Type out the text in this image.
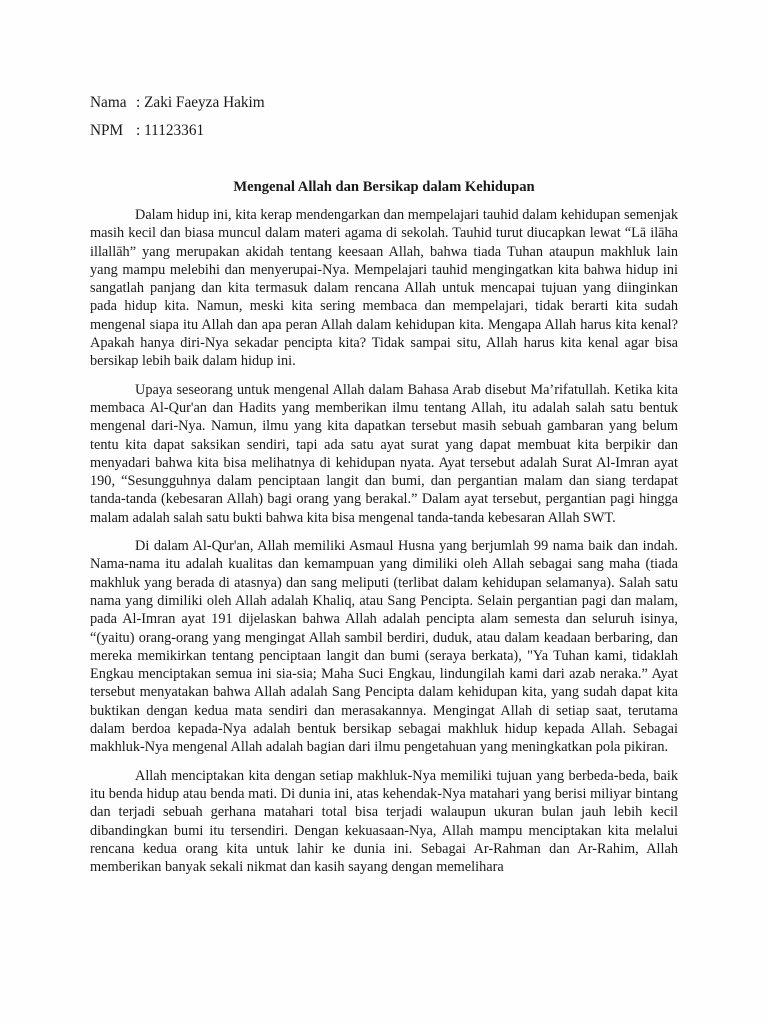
Nama : Zaki Faeyza Hakim
NPM : 11123361
Mengenal Allah dan Bersikap dalam Kehidupan

Dalam hidup ini, kita kerap mendengarkan dan mempelajari tauhid dalam kehidupan semenjak masih kecil dan biasa muncul dalam materi agama di sekolah. Tauhid turut diucapkan lewat “Lā ilāha illallāh” yang merupakan akidah tentang keesaan Allah, bahwa tiada Tuhan ataupun makhluk lain yang mampu melebihi dan menyerupai-Nya. Mempelajari tauhid mengingatkan kita bahwa hidup ini sangatlah panjang dan kita termasuk dalam rencana Allah untuk mencapai tujuan yang diinginkan pada hidup kita. Namun, meski kita sering membaca dan mempelajari, tidak berarti kita sudah mengenal siapa itu Allah dan apa peran Allah dalam kehidupan kita. Mengapa Allah harus kita kenal? Apakah hanya diri-Nya sekadar pencipta kita? Tidak sampai situ, Allah harus kita kenal agar bisa bersikap lebih baik dalam hidup ini.

Upaya seseorang untuk mengenal Allah dalam Bahasa Arab disebut Ma’rifatullah. Ketika kita membaca Al-Qur'an dan Hadits yang memberikan ilmu tentang Allah, itu adalah salah satu bentuk mengenal dari-Nya. Namun, ilmu yang kita dapatkan tersebut masih sebuah gambaran yang belum tentu kita dapat saksikan sendiri, tapi ada satu ayat surat yang dapat membuat kita berpikir dan menyadari bahwa kita bisa melihatnya di kehidupan nyata. Ayat tersebut adalah Surat Al-Imran ayat 190, “Sesungguhnya dalam penciptaan langit dan bumi, dan pergantian malam dan siang terdapat tanda-tanda (kebesaran Allah) bagi orang yang berakal.” Dalam ayat tersebut, pergantian pagi hingga malam adalah salah satu bukti bahwa kita bisa mengenal tanda-tanda kebesaran Allah SWT.

Di dalam Al-Qur'an, Allah memiliki Asmaul Husna yang berjumlah 99 nama baik dan indah. Nama-nama itu adalah kualitas dan kemampuan yang dimiliki oleh Allah sebagai sang maha (tiada makhluk yang berada di atasnya) dan sang meliputi (terlibat dalam kehidupan selamanya). Salah satu nama yang dimiliki oleh Allah adalah Khaliq, atau Sang Pencipta. Selain pergantian pagi dan malam, pada Al-Imran ayat 191 dijelaskan bahwa Allah adalah pencipta alam semesta dan seluruh isinya, “(yaitu) orang-orang yang mengingat Allah sambil berdiri, duduk, atau dalam keadaan berbaring, dan mereka memikirkan tentang penciptaan langit dan bumi (seraya berkata), "Ya Tuhan kami, tidaklah Engkau menciptakan semua ini sia-sia; Maha Suci Engkau, lindungilah kami dari azab neraka.” Ayat tersebut menyatakan bahwa Allah adalah Sang Pencipta dalam kehidupan kita, yang sudah dapat kita buktikan dengan kedua mata sendiri dan merasakannya. Mengingat Allah di setiap saat, terutama dalam berdoa kepada-Nya adalah bentuk bersikap sebagai makhluk hidup kepada Allah. Sebagai makhluk-Nya mengenal Allah adalah bagian dari ilmu pengetahuan yang meningkatkan pola pikiran.

Allah menciptakan kita dengan setiap makhluk-Nya memiliki tujuan yang berbeda-beda, baik itu benda hidup atau benda mati. Di dunia ini, atas kehendak-Nya matahari yang berisi miliyar bintang dan terjadi sebuah gerhana matahari total bisa terjadi walaupun ukuran bulan jauh lebih kecil dibandingkan bumi itu tersendiri. Dengan kekuasaan-Nya, Allah mampu menciptakan kita melalui rencana kedua orang kita untuk lahir ke dunia ini. Sebagai Ar-Rahman dan Ar-Rahim, Allah memberikan banyak sekali nikmat dan kasih sayang dengan memelihara
